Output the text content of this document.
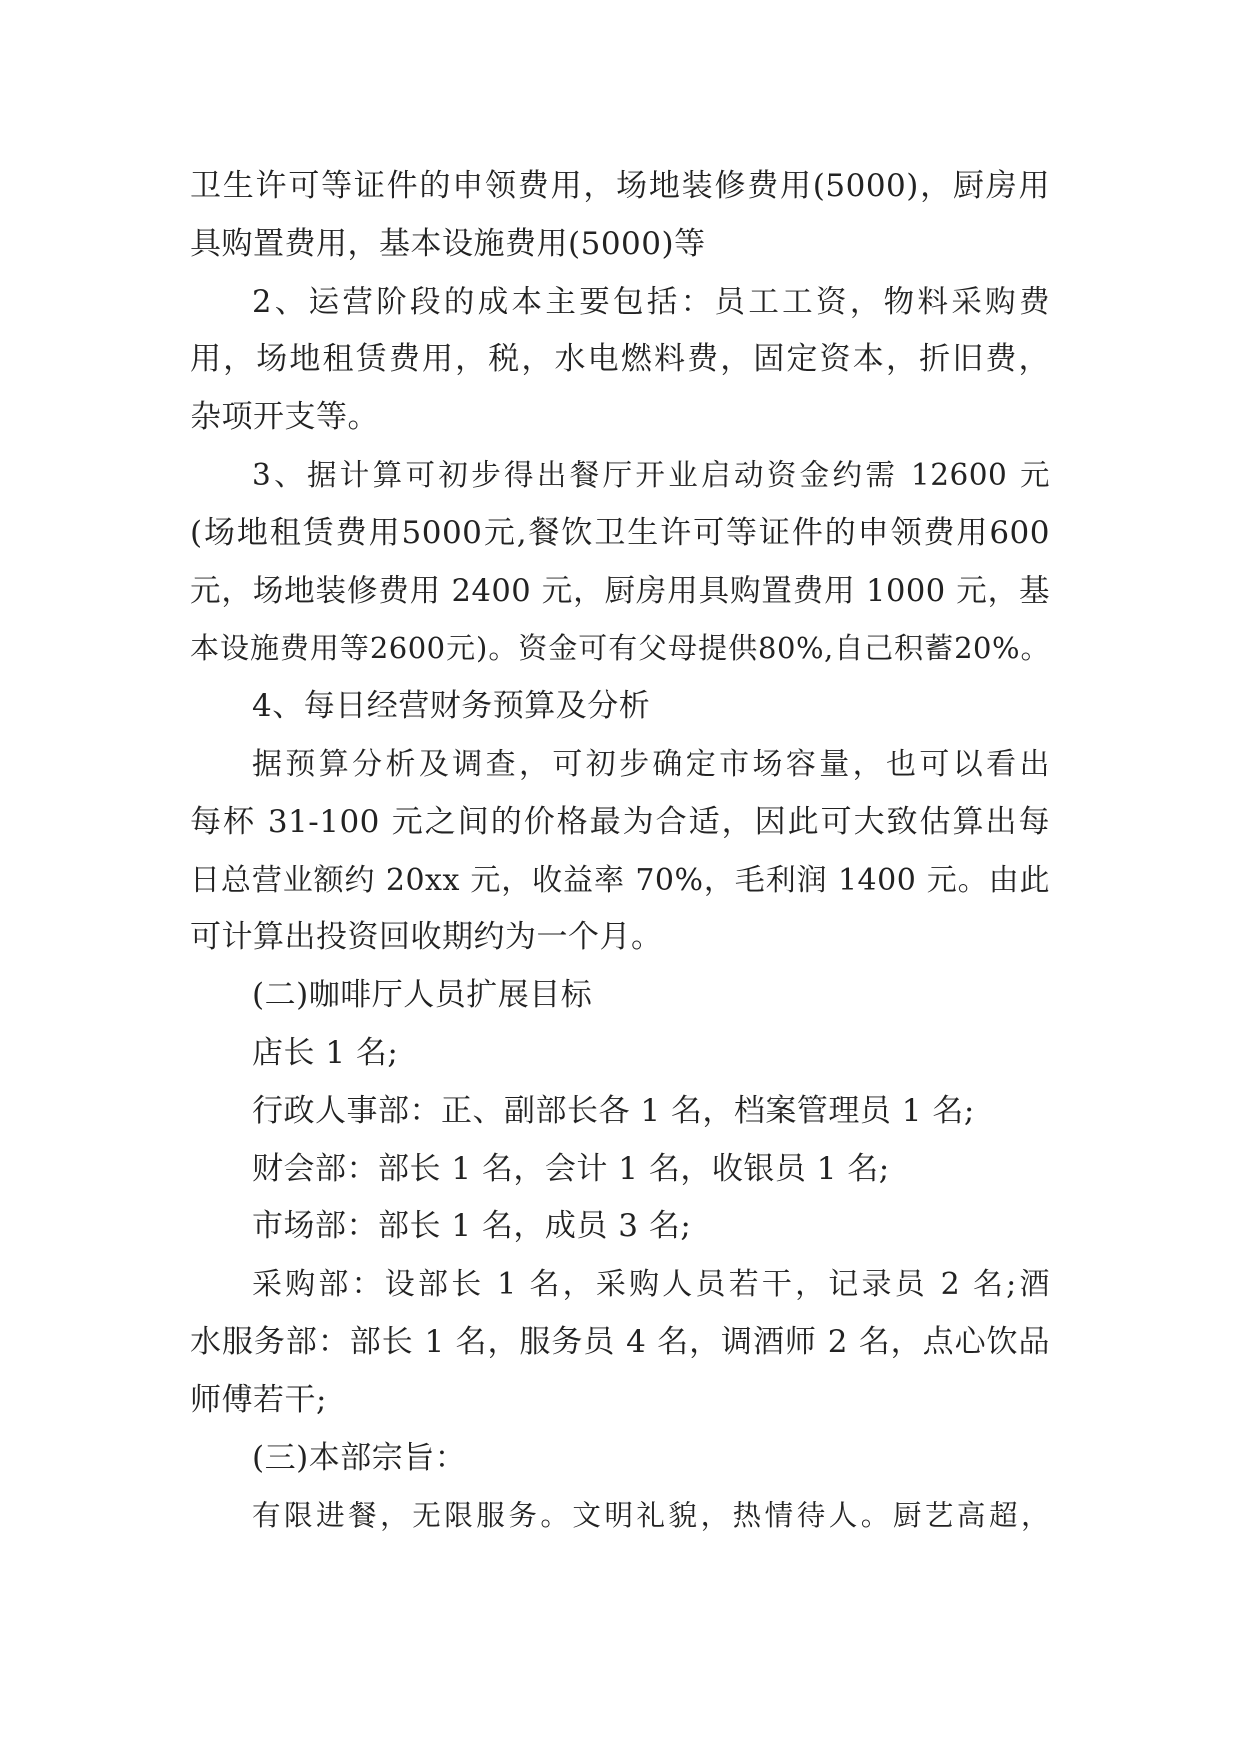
卫生许可等证件的申领费用，场地装修费用(5000)，厨房用
具购置费用，基本设施费用(5000)等
2、运营阶段的成本主要包括：员工工资，物料采购费
用，场地租赁费用，税，水电燃料费，固定资本，折旧费，
杂项开支等。
3、据计算可初步得出餐厅开业启动资金约需 12600 元
(场地租赁费用5000元,餐饮卫生许可等证件的申领费用600
元，场地装修费用 2400 元，厨房用具购置费用 1000 元，基
本设施费用等2600元)。资金可有父母提供80%,自己积蓄20%。
4、每日经营财务预算及分析
据预算分析及调查，可初步确定市场容量，也可以看出
每杯 31-100 元之间的价格最为合适，因此可大致估算出每
日总营业额约 20xx 元，收益率 70%，毛利润 1400 元。由此
可计算出投资回收期约为一个月。
(二)咖啡厅人员扩展目标
店长 1 名;
行政人事部：正、副部长各 1 名，档案管理员 1 名;
财会部：部长 1 名，会计 1 名，收银员 1 名;
市场部：部长 1 名，成员 3 名;
采购部：设部长 1 名，采购人员若干，记录员 2 名;酒
水服务部：部长 1 名，服务员 4 名，调酒师 2 名，点心饮品
师傅若干;
(三)本部宗旨：
有限进餐，无限服务。文明礼貌，热情待人。厨艺高超，
